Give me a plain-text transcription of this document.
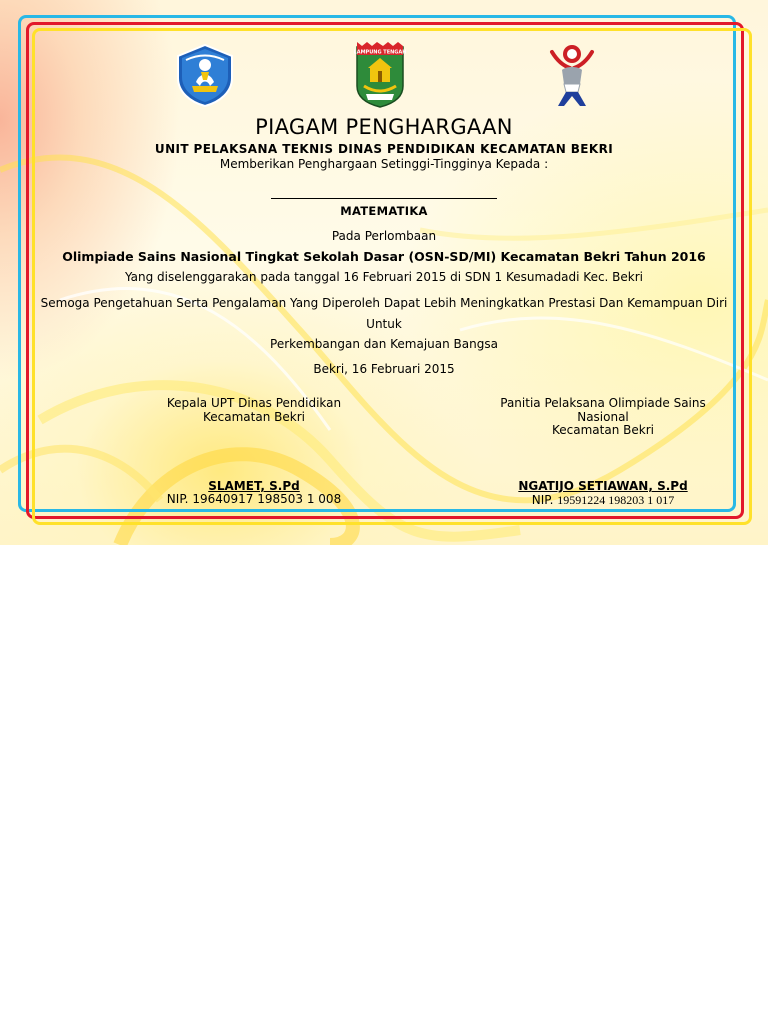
LAMPUNG TENGAH
PIAGAM PENGHARGAAN
UNIT PELAKSANA TEKNIS DINAS PENDIDIKAN KECAMATAN BEKRI
Memberikan Penghargaan Setinggi-Tingginya Kepada :
MATEMATIKA
Pada Perlombaan
Olimpiade Sains Nasional Tingkat Sekolah Dasar (OSN-SD/MI) Kecamatan Bekri Tahun 2016
Yang diselenggarakan pada tanggal 16 Februari 2015 di SDN 1 Kesumadadi Kec. Bekri
Semoga Pengetahuan Serta Pengalaman Yang Diperoleh Dapat Lebih Meningkatkan Prestasi Dan Kemampuan Diri
Untuk
Perkembangan dan Kemajuan Bangsa
Bekri, 16 Februari 2015
Kepala UPT Dinas Pendidikan
Kecamatan Bekri
Panitia Pelaksana Olimpiade Sains
Nasional
Kecamatan Bekri
SLAMET, S.Pd	NGATIJO SETIAWAN, S.Pd
NIP. 19640917 198503 1 008	NIP. 19591224 198203 1 017
